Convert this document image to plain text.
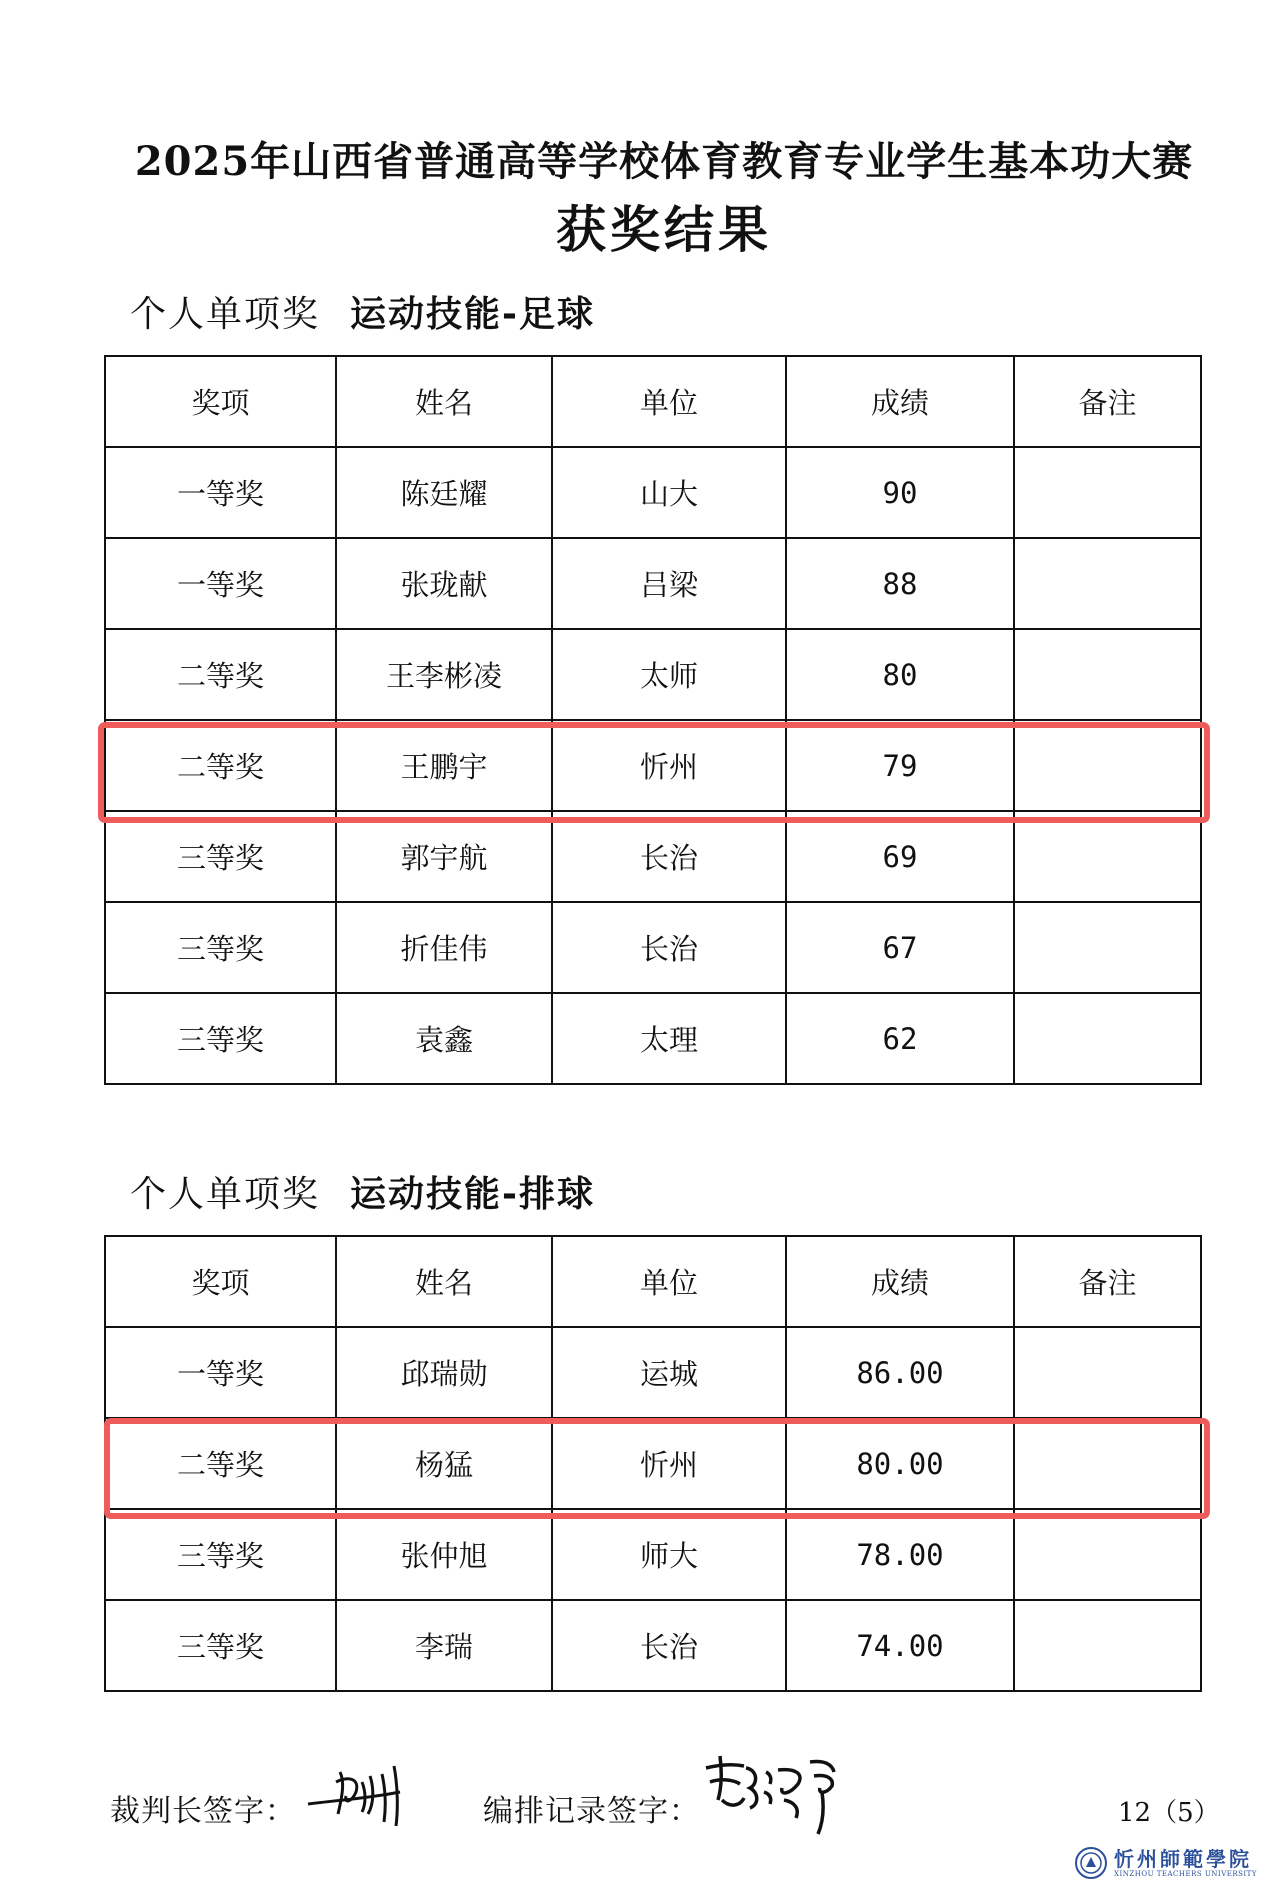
2025年山西省普通高等学校体育教育专业学生基本功大赛
获奖结果
个人单项奖 运动技能-足球
奖项	姓名	单位	成绩	备注
一等奖	陈廷耀	山大	90	
一等奖	张珑献	吕梁	88	
二等奖	王李彬凌	太师	80	
二等奖	王鹏宇	忻州	79	
三等奖	郭宇航	长治	69	
三等奖	折佳伟	长治	67	
三等奖	袁鑫	太理	62	
个人单项奖 运动技能-排球
奖项	姓名	单位	成绩	备注
一等奖	邱瑞勋	运城	86.00	
二等奖	杨猛	忻州	80.00	
三等奖	张仲旭	师大	78.00	
三等奖	李瑞	长治	74.00	
裁判长签字：	编排记录签字：	12（5）
忻州師範學院
XINZHOU TEACHERS UNIVERSITY
